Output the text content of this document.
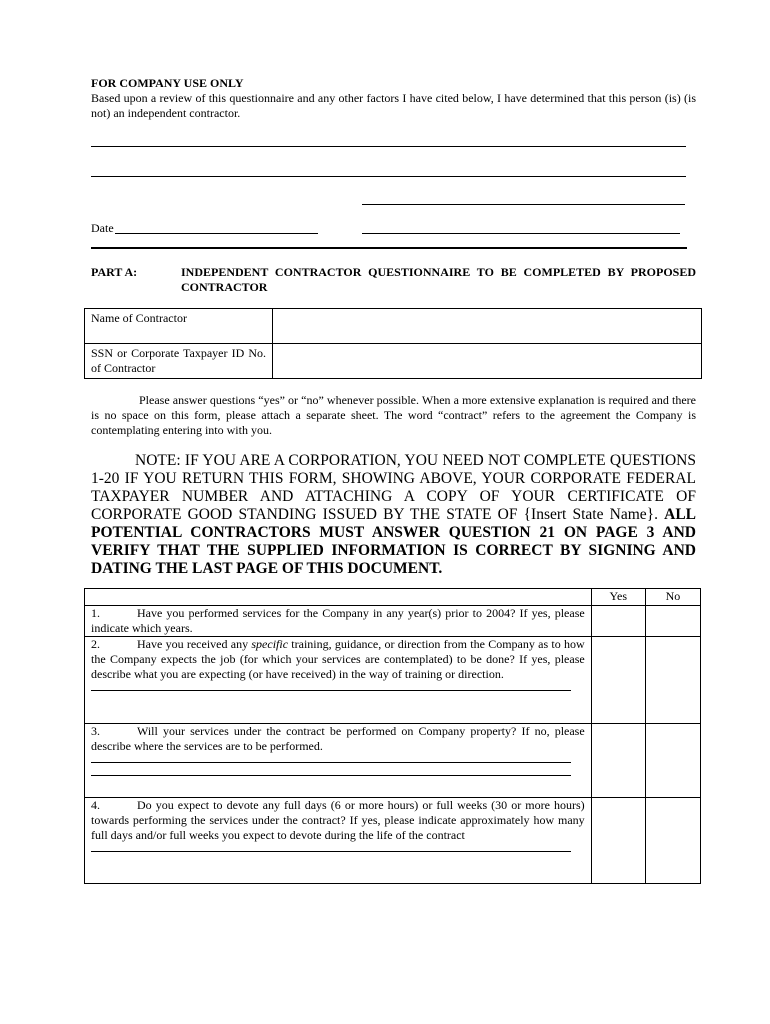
FOR COMPANY USE ONLY
Based upon a review of this questionnaire and any other factors I have cited below, I have determined that this person (is) (is not) an independent contractor.
Date
PART A:	INDEPENDENT CONTRACTOR QUESTIONNAIRE TO BE COMPLETED BY PROPOSED CONTRACTOR
Name of Contractor	
SSN or Corporate Taxpayer ID No. of Contractor	
Please answer questions “yes” or “no” whenever possible. When a more extensive explanation is required and there is no space on this form, please attach a separate sheet. The word “contract” refers to the agreement the Company is contemplating entering into with you.
NOTE: IF YOU ARE A CORPORATION, YOU NEED NOT COMPLETE QUESTIONS 1-20 IF YOU RETURN THIS FORM, SHOWING ABOVE, YOUR CORPORATE FEDERAL TAXPAYER NUMBER AND ATTACHING A COPY OF YOUR CERTIFICATE OF CORPORATE GOOD STANDING ISSUED BY THE STATE OF {Insert State Name}. ALL POTENTIAL CONTRACTORS MUST ANSWER QUESTION 21 ON PAGE 3 AND VERIFY THAT THE SUPPLIED INFORMATION IS CORRECT BY SIGNING AND DATING THE LAST PAGE OF THIS DOCUMENT.
	Yes	No

1. Have you performed services for the Company in any year(s) prior to 2004? If yes, please indicate which years.		

2. Have you received any specific training, guidance, or direction from the Company as to how the Company expects the job (for which your services are contemplated) to be done? If yes, please describe what you are expecting (or have received) in the way of training or direction.		

3. Will your services under the contract be performed on Company property? If no, please describe where the services are to be performed.		

4. Do you expect to devote any full days (6 or more hours) or full weeks (30 or more hours) towards performing the services under the contract? If yes, please indicate approximately how many full days and/or full weeks you expect to devote during the life of the contract		
